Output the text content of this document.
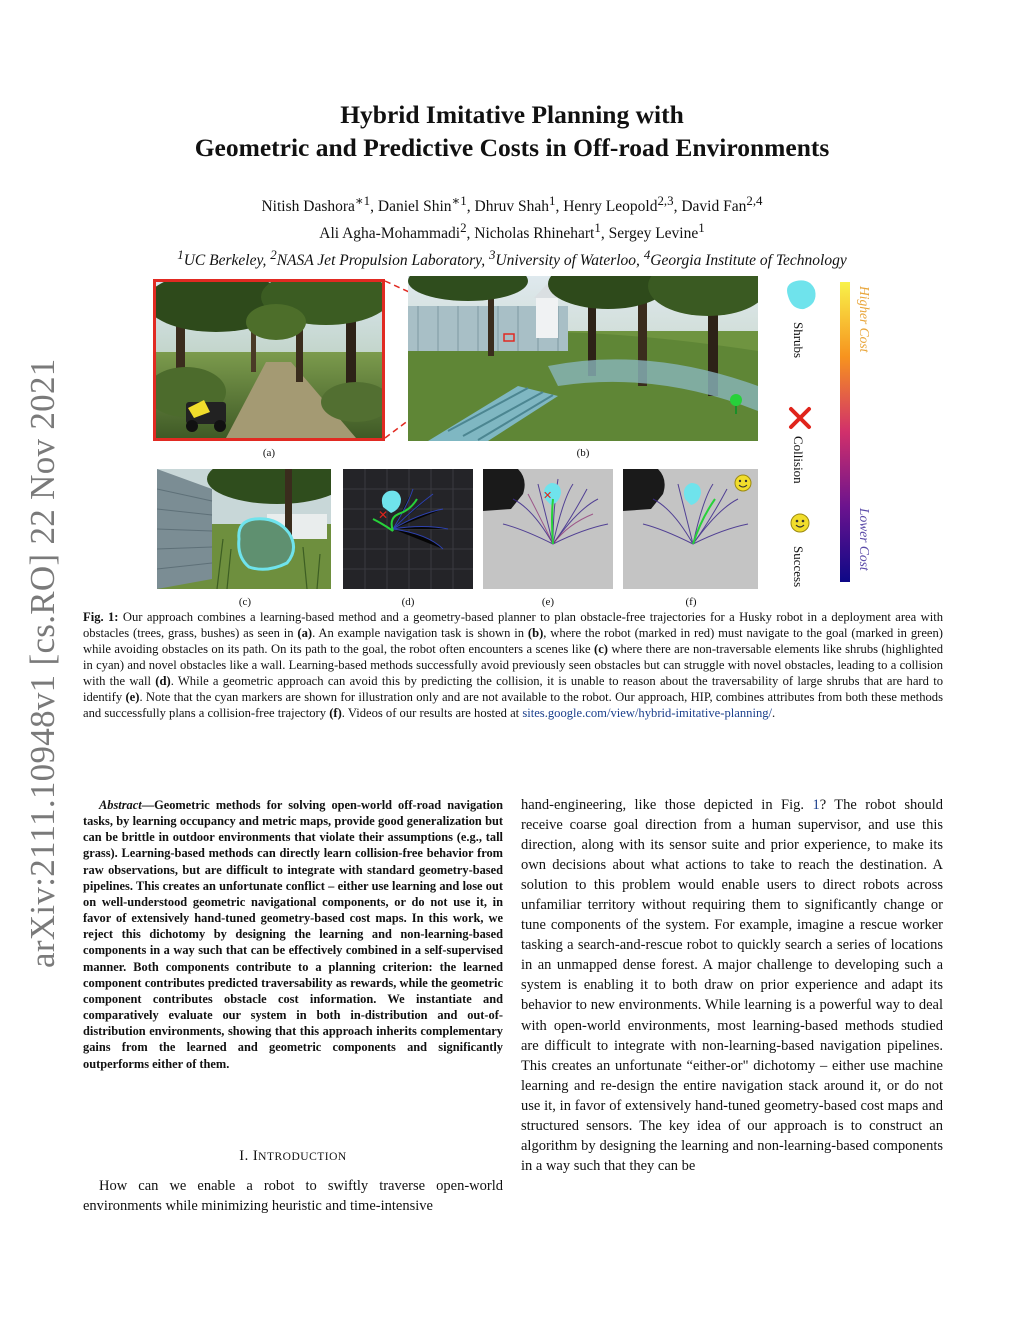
Hybrid Imitative Planning with
Geometric and Predictive Costs in Off-road Environments
Nitish Dashora$^{∗1}$, Daniel Shin$^{∗1}$, Dhruv Shah$^1$, Henry Leopold$^{2,3}$, David Fan$^{2,4}$
Ali Agha-Mohammadi$^2$, Nicholas Rhinehart$^1$, Sergey Levine$^1$
$^1$UC Berkeley, $^2$NASA Jet Propulsion Laboratory, $^3$University of Waterloo, $^4$Georgia Institute of Technology
arXiv:2111.10948v1 [cs.RO] 22 Nov 2021	(a)	(b)
(c)
✕
(d)
✕
(e)	(f)
Shrubs
Collision
Success
Higher Cost
Lower Cost
Fig. 1: Our approach combines a learning-based method and a geometry-based planner to plan obstacle-free trajectories for a Husky robot in a deployment area with obstacles (trees, grass, bushes) as seen in (a). An example navigation task is shown in (b), where the robot (marked in red) must navigate to the goal (marked in green) while avoiding obstacles on its path. On its path to the goal, the robot often encounters a scenes like (c) where there are non-traversable elements like shrubs (highlighted in cyan) and novel obstacles like a wall. Learning-based methods successfully avoid previously seen obstacles but can struggle with novel obstacles, leading to a collision with the wall (d). While a geometric approach can avoid this by predicting the collision, it is unable to reason about the traversability of large shrubs that are hard to identify (e). Note that the cyan markers are shown for illustration only and are not available to the robot. Our approach, HIP, combines attributes from both these methods and successfully plans a collision-free trajectory (f). Videos of our results are hosted at sites.google.com/view/hybrid-imitative-planning/.
Abstract—Geometric methods for solving open-world off-road navigation tasks, by learning occupancy and metric maps, provide good generalization but can be brittle in outdoor environments that violate their assumptions (e.g., tall grass). Learning-based methods can directly learn collision-free behavior from raw observations, but are difficult to integrate with standard geometry-based pipelines. This creates an unfortunate conflict – either use learning and lose out on well-understood geometric navigational components, or do not use it, in favor of extensively hand-tuned geometry-based cost maps. In this work, we reject this dichotomy by designing the learning and non-learning-based components in a way such that can be effectively combined in a self-supervised manner. Both components contribute to a planning criterion: the learned component contributes predicted traversability as rewards, while the geometric component contributes obstacle cost information. We instantiate and comparatively evaluate our system in both in-distribution and out-of-distribution environments, showing that this approach inherits complementary gains from the learned and geometric components and significantly outperforms either of them.
I. INTRODUCTION
How can we enable a robot to swiftly traverse open-world environments while minimizing heuristic and time-intensive
hand-engineering, like those depicted in Fig. 1? The robot should receive coarse goal direction from a human supervisor, and use this direction, along with its sensor suite and prior experience, to make its own decisions about what actions to take to reach the destination. A solution to this problem would enable users to direct robots across unfamiliar territory without requiring them to significantly change or tune components of the system. For example, imagine a rescue worker tasking a search-and-rescue robot to quickly search a series of locations in an unmapped dense forest. A major challenge to developing such a system is enabling it to both draw on prior experience and adapt its behavior to new environments. While learning is a powerful way to deal with open-world environments, most learning-based methods studied are difficult to integrate with non-learning-based navigation pipelines. This creates an unfortunate “either-or" dichotomy – either use machine learning and re-design the entire navigation stack around it, or do not use it, in favor of extensively hand-tuned geometry-based cost maps and structured sensors. The key idea of our approach is to construct an algorithm by designing the learning and non-learning-based components in a way such that they can be
